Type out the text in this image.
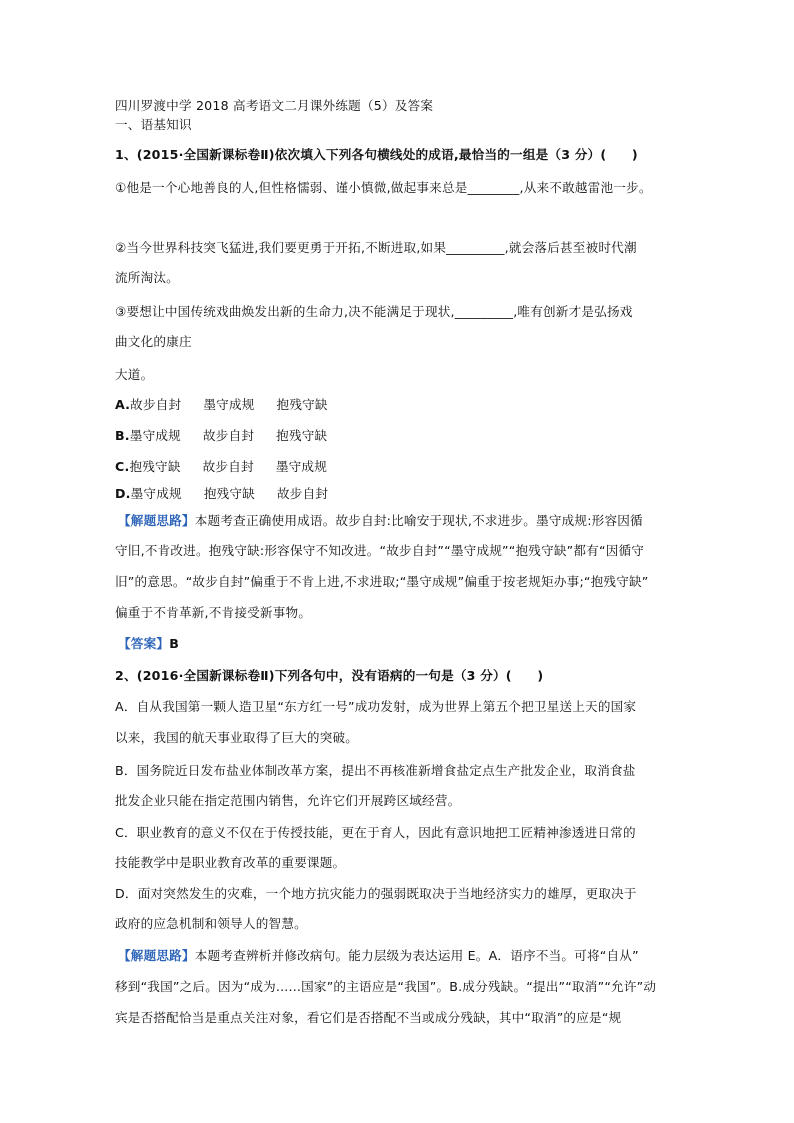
四川罗渡中学 2018 高考语文二月课外练题（5）及答案
一、语基知识
1、(2015·全国新课标卷Ⅱ)依次填入下列各句横线处的成语,最恰当的一组是（3 分）(　　)
①他是一个心地善良的人,但性格懦弱、谨小慎微,做起事来总是________,从来不敢越雷池一步。
②当今世界科技突飞猛进,我们要更勇于开拓,不断进取,如果_________,就会落后甚至被时代潮
流所淘汰。
③要想让中国传统戏曲焕发出新的生命力,决不能满足于现状,_________,唯有创新才是弘扬戏
曲文化的康庄
大道。
A.故步自封 墨守成规 抱残守缺
B.墨守成规 故步自封 抱残守缺
C.抱残守缺 故步自封 墨守成规
D.墨守成规 抱残守缺 故步自封
【解题思路】本题考查正确使用成语。故步自封:比喻安于现状,不求进步。墨守成规:形容因循
守旧,不肯改进。抱残守缺:形容保守不知改进。“故步自封”“墨守成规”“抱残守缺”都有“因循守
旧”的意思。“故步自封”偏重于不肯上进,不求进取;“墨守成规”偏重于按老规矩办事;“抱残守缺”
偏重于不肯革新,不肯接受新事物。
【答案】B
2、(2016·全国新课标卷Ⅱ)下列各句中，没有语病的一句是（3 分）(　　)
A．自从我国第一颗人造卫星“东方红一号”成功发射，成为世界上第五个把卫星送上天的国家
以来，我国的航天事业取得了巨大的突破。
B．国务院近日发布盐业体制改革方案，提出不再核准新增食盐定点生产批发企业，取消食盐
批发企业只能在指定范围内销售，允许它们开展跨区域经营。
C．职业教育的意义不仅在于传授技能，更在于育人，因此有意识地把工匠精神渗透进日常的
技能教学中是职业教育改革的重要课题。
D．面对突然发生的灾难，一个地方抗灾能力的强弱既取决于当地经济实力的雄厚，更取决于
政府的应急机制和领导人的智慧。
【解题思路】本题考查辨析并修改病句。能力层级为表达运用 E。A．语序不当。可将“自从”
移到“我国”之后。因为“成为......国家”的主语应是“我国”。B.成分残缺。“提出”“取消”“允许”动
宾是否搭配恰当是重点关注对象，看它们是否搭配不当或成分残缺，其中“取消”的应是“规
